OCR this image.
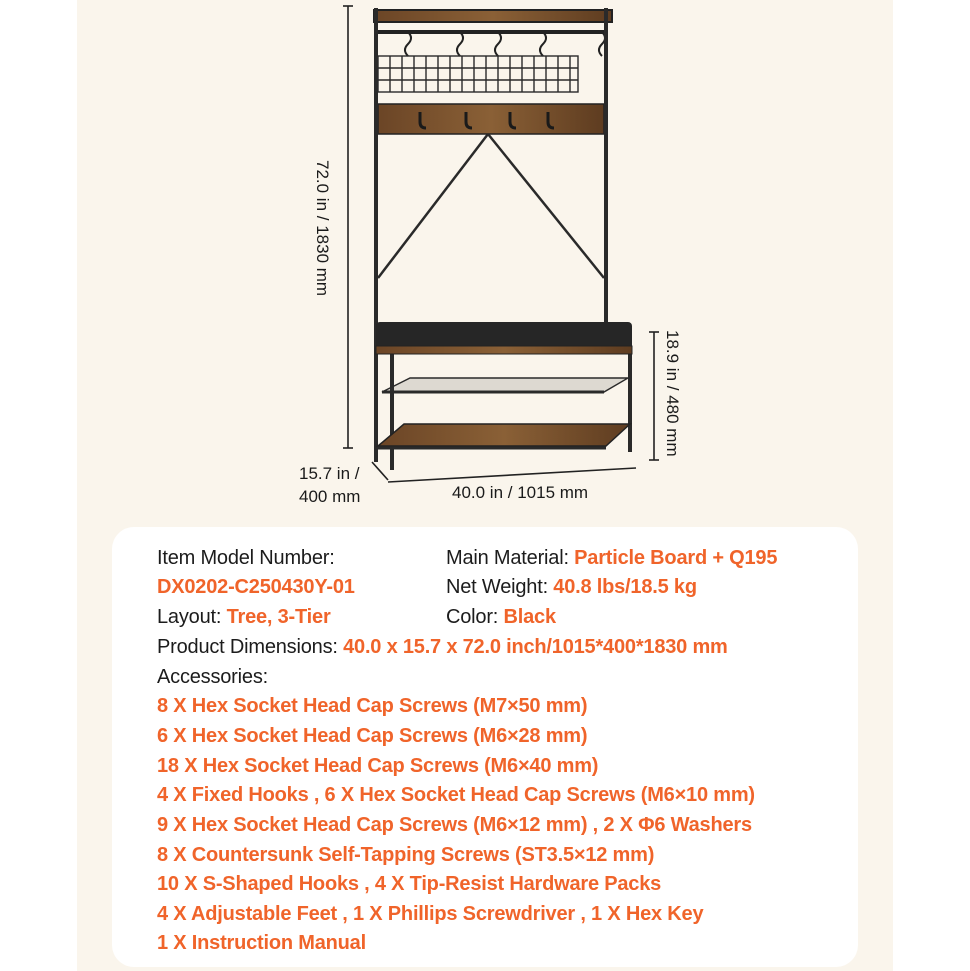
72.0 in / 1830 mm
18.9 in / 480 mm
15.7 in /
400 mm	40.0 in / 1015 mm
Item Model Number:
DX0202-C250430Y-01
Layout: Tree, 3-Tier
Main Material: Particle Board + Q195
Net Weight: 40.8 lbs/18.5 kg
Color: Black
Product Dimensions: 40.0 x 15.7 x 72.0 inch/1015*400*1830 mm
Accessories:
8 X Hex Socket Head Cap Screws (M7×50 mm)
6 X Hex Socket Head Cap Screws (M6×28 mm)
18 X Hex Socket Head Cap Screws (M6×40 mm)
4 X Fixed Hooks , 6 X Hex Socket Head Cap Screws (M6×10 mm)
9 X Hex Socket Head Cap Screws (M6×12 mm) , 2 X Φ6 Washers
8 X Countersunk Self-Tapping Screws (ST3.5×12 mm)
10 X S-Shaped Hooks , 4 X Tip-Resist Hardware Packs
4 X Adjustable Feet , 1 X Phillips Screwdriver , 1 X Hex Key
1 X Instruction Manual
